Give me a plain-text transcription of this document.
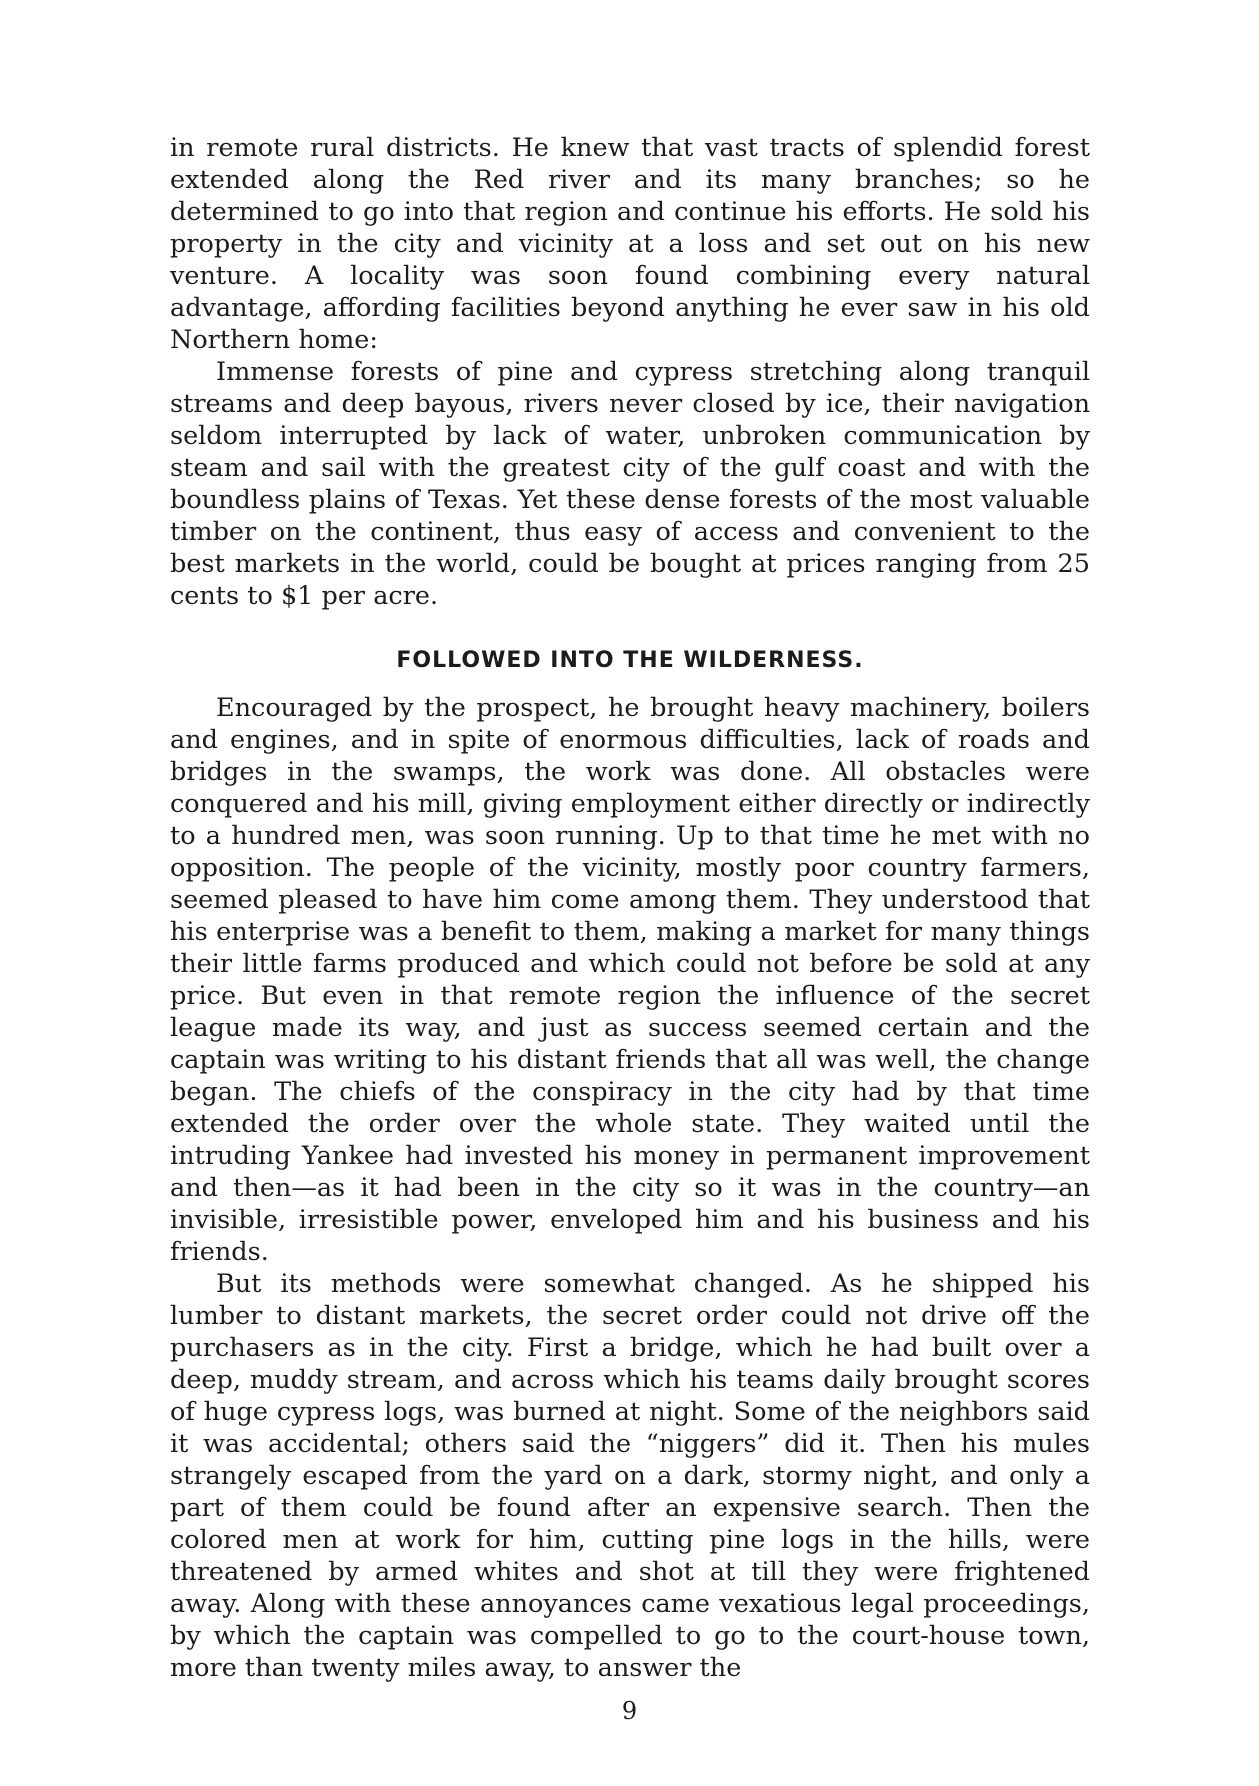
in remote rural districts. He knew that vast tracts of splendid forest extended along the Red river and its many branches; so he determined to go into that region and continue his efforts. He sold his property in the city and vicinity at a loss and set out on his new venture. A locality was soon found combining every natural advantage, affording facilities beyond anything he ever saw in his old Northern home:

Immense forests of pine and cypress stretching along tranquil streams and deep bayous, rivers never closed by ice, their navigation seldom interrupted by lack of water, unbroken communication by steam and sail with the greatest city of the gulf coast and with the boundless plains of Texas. Yet these dense forests of the most valuable timber on the continent, thus easy of access and convenient to the best markets in the world, could be bought at prices ranging from 25 cents to $1 per acre.

FOLLOWED INTO THE WILDERNESS.

Encouraged by the prospect, he brought heavy machinery, boilers and engines, and in spite of enormous difficulties, lack of roads and bridges in the swamps, the work was done. All obstacles were conquered and his mill, giving employment either directly or indirectly to a hundred men, was soon running. Up to that time he met with no opposition. The people of the vicinity, mostly poor country farmers, seemed pleased to have him come among them. They understood that his enterprise was a benefit to them, making a market for many things their little farms produced and which could not before be sold at any price. But even in that remote region the influence of the secret league made its way, and just as success seemed certain and the captain was writing to his distant friends that all was well, the change began. The chiefs of the conspiracy in the city had by that time extended the order over the whole state. They waited until the intruding Yankee had invested his money in permanent improvement and then—as it had been in the city so it was in the country—an invisible, irresistible power, enveloped him and his business and his friends.

But its methods were somewhat changed. As he shipped his lumber to distant markets, the secret order could not drive off the purchasers as in the city. First a bridge, which he had built over a deep, muddy stream, and across which his teams daily brought scores of huge cypress logs, was burned at night. Some of the neighbors said it was accidental; others said the “niggers” did it. Then his mules strangely escaped from the yard on a dark, stormy night, and only a part of them could be found after an expensive search. Then the colored men at work for him, cutting pine logs in the hills, were threatened by armed whites and shot at till they were frightened away. Along with these annoyances came vexatious legal proceedings, by which the captain was compelled to go to the court-house town, more than twenty miles away, to answer the

9
